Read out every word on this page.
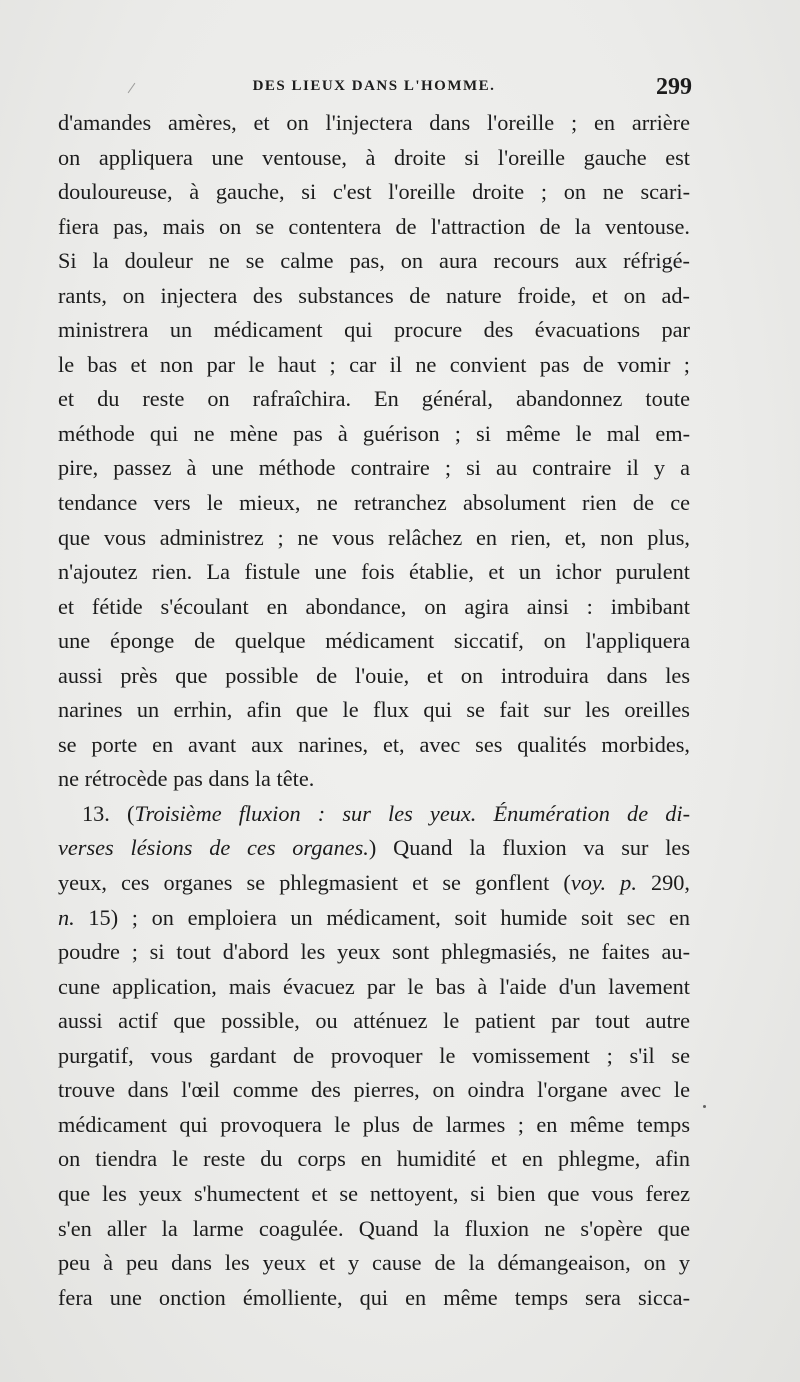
DES LIEUX DANS L'HOMME.	299
d'amandes amères, et on l'injectera dans l'oreille ; en arrière
on appliquera une ventouse, à droite si l'oreille gauche est
douloureuse, à gauche, si c'est l'oreille droite ; on ne scari-
fiera pas, mais on se contentera de l'attraction de la ventouse.
Si la douleur ne se calme pas, on aura recours aux réfrigé-
rants, on injectera des substances de nature froide, et on ad-
ministrera un médicament qui procure des évacuations par
le bas et non par le haut ; car il ne convient pas de vomir ;
et du reste on rafraîchira. En général, abandonnez toute
méthode qui ne mène pas à guérison ; si même le mal em-
pire, passez à une méthode contraire ; si au contraire il y a
tendance vers le mieux, ne retranchez absolument rien de ce
que vous administrez ; ne vous relâchez en rien, et, non plus,
n'ajoutez rien. La fistule une fois établie, et un ichor purulent
et fétide s'écoulant en abondance, on agira ainsi : imbibant
une éponge de quelque médicament siccatif, on l'appliquera
aussi près que possible de l'ouie, et on introduira dans les
narines un errhin, afin que le flux qui se fait sur les oreilles
se porte en avant aux narines, et, avec ses qualités morbides,
ne rétrocède pas dans la tête.
13. (Troisième fluxion : sur les yeux. Énumération de di-
verses lésions de ces organes.) Quand la fluxion va sur les
yeux, ces organes se phlegmasient et se gonflent (voy. p. 290,
n. 15) ; on emploiera un médicament, soit humide soit sec en
poudre ; si tout d'abord les yeux sont phlegmasiés, ne faites au-
cune application, mais évacuez par le bas à l'aide d'un lavement
aussi actif que possible, ou atténuez le patient par tout autre
purgatif, vous gardant de provoquer le vomissement ; s'il se
trouve dans l'œil comme des pierres, on oindra l'organe avec le
médicament qui provoquera le plus de larmes ; en même temps
on tiendra le reste du corps en humidité et en phlegme, afin
que les yeux s'humectent et se nettoyent, si bien que vous ferez
s'en aller la larme coagulée. Quand la fluxion ne s'opère que
peu à peu dans les yeux et y cause de la démangeaison, on y
fera une onction émolliente, qui en même temps sera sicca-
